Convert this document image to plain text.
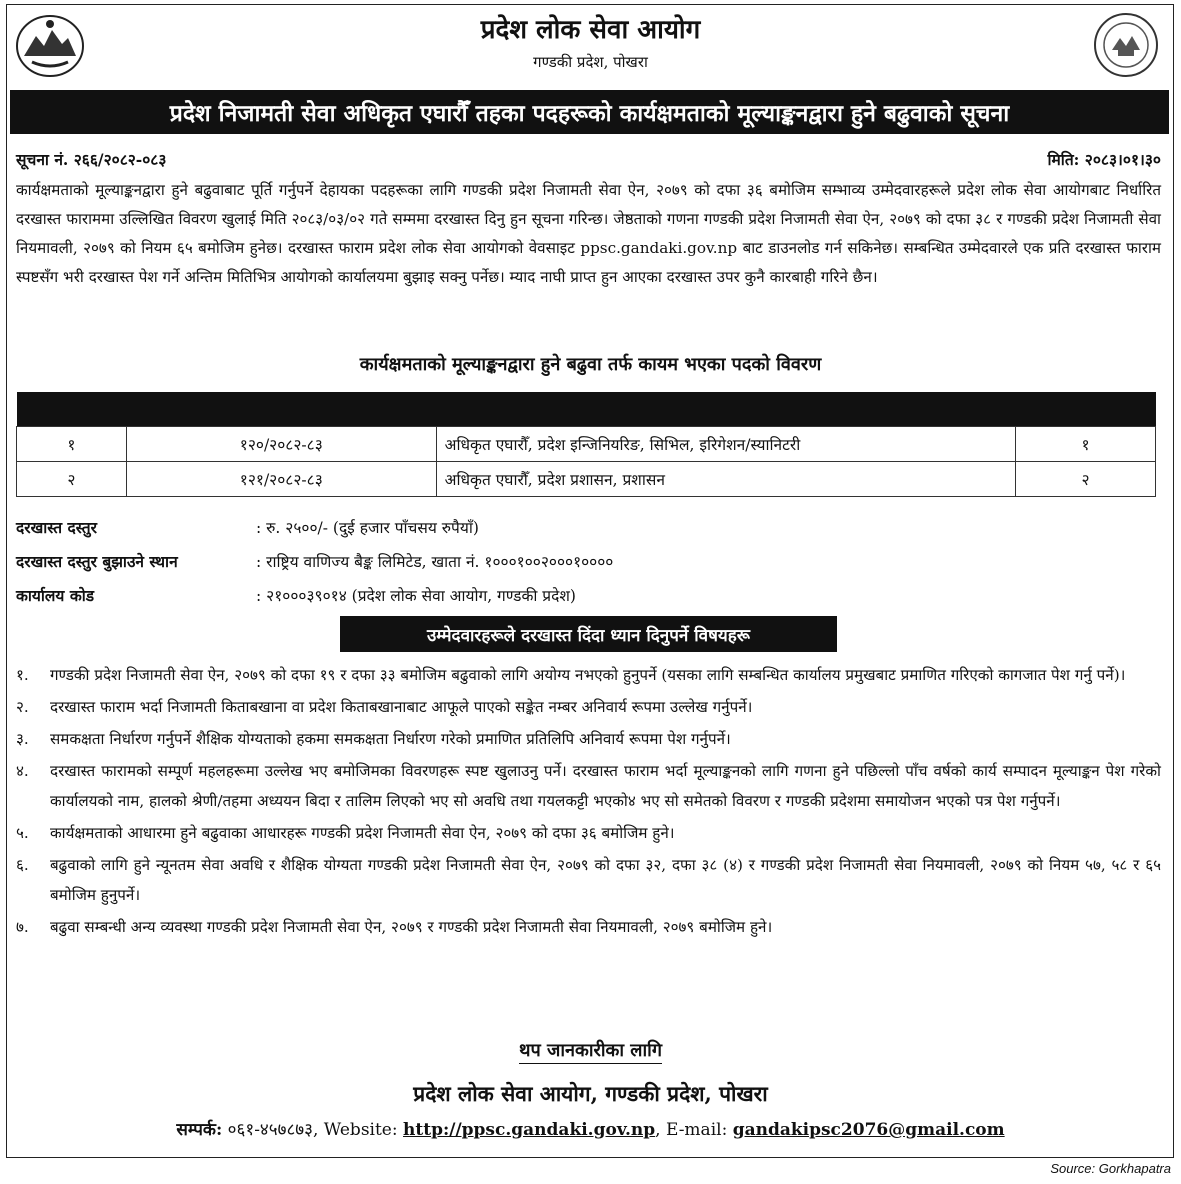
प्रदेश लोक सेवा आयोग
गण्डकी प्रदेश, पोखरा
प्रदेश निजामती सेवा अधिकृत एघारौँ तहका पदहरूको कार्यक्षमताको मूल्याङ्कनद्वारा हुने बढुवाको सूचना
सूचना नं. २६६/२०८२-०८३	मिति: २०८३।०१।३०
कार्यक्षमताको मूल्याङ्कनद्वारा हुने बढुवाबाट पूर्ति गर्नुपर्ने देहायका पदहरूका लागि गण्डकी प्रदेश निजामती सेवा ऐन, २०७९ को दफा ३६ बमोजिम सम्भाव्य उम्मेदवारहरूले प्रदेश लोक सेवा आयोगबाट निर्धारित दरखास्त फाराममा उल्लिखित विवरण खुलाई मिति २०८३/०३/०२ गते सम्ममा दरखास्त दिनु हुन सूचना गरिन्छ। जेष्ठताको गणना गण्डकी प्रदेश निजामती सेवा ऐन, २०७९ को दफा ३८ र गण्डकी प्रदेश निजामती सेवा नियमावली, २०७९ को नियम ६५ बमोजिम हुनेछ। दरखास्त फाराम प्रदेश लोक सेवा आयोगको वेवसाइट ppsc.gandaki.gov.np बाट डाउनलोड गर्न सकिनेछ। सम्बन्धित उम्मेदवारले एक प्रति दरखास्त फाराम स्पष्टसँग भरी दरखास्त पेश गर्ने अन्तिम मितिभित्र आयोगको कार्यालयमा बुझाइ सक्नु पर्नेछ। म्याद नाघी प्राप्त हुन आएका दरखास्त उपर कुनै कारबाही गरिने छैन।
कार्यक्षमताको मूल्याङ्कनद्वारा हुने बढुवा तर्फ कायम भएका पदको विवरण

१	१२०/२०८२-८३	अधिकृत एघारौँ, प्रदेश इन्जिनियरिङ, सिभिल, इरिगेशन/स्यानिटरी	१
२	१२१/२०८२-८३	अधिकृत एघारौँ, प्रदेश प्रशासन, प्रशासन	२
दरखास्त दस्तुर	: रु. २५००/- (दुई हजार पाँचसय रुपैयाँ)
दरखास्त दस्तुर बुझाउने स्थान	: राष्ट्रिय वाणिज्य बैङ्क लिमिटेड, खाता नं. १०००१००२०००१००००
कार्यालय कोड	: २१०००३९०१४ (प्रदेश लोक सेवा आयोग, गण्डकी प्रदेश)
उम्मेदवारहरूले दरखास्त दिंदा ध्यान दिनुपर्ने विषयहरू
१.	गण्डकी प्रदेश निजामती सेवा ऐन, २०७९ को दफा १९ र दफा ३३ बमोजिम बढुवाको लागि अयोग्य नभएको हुनुपर्ने (यसका लागि सम्बन्धित कार्यालय प्रमुखबाट प्रमाणित गरिएको कागजात पेश गर्नु पर्ने)।
२.	दरखास्त फाराम भर्दा निजामती किताबखाना वा प्रदेश किताबखानाबाट आफूले पाएको सङ्केत नम्बर अनिवार्य रूपमा उल्लेख गर्नुपर्ने।
३.	समकक्षता निर्धारण गर्नुपर्ने शैक्षिक योग्यताको हकमा समकक्षता निर्धारण गरेको प्रमाणित प्रतिलिपि अनिवार्य रूपमा पेश गर्नुपर्ने।
४.	दरखास्त फारामको सम्पूर्ण महलहरूमा उल्लेख भए बमोजिमका विवरणहरू स्पष्ट खुलाउनु पर्ने। दरखास्त फाराम भर्दा मूल्याङ्कनको लागि गणना हुने पछिल्लो पाँच वर्षको कार्य सम्पादन मूल्याङ्कन पेश गरेको कार्यालयको नाम, हालको श्रेणी/तहमा अध्ययन बिदा र तालिम लिएको भए सो अवधि तथा गयलकट्टी भएको४ भए सो समेतको विवरण र गण्डकी प्रदेशमा समायोजन भएको पत्र पेश गर्नुपर्ने।
५.	कार्यक्षमताको आधारमा हुने बढुवाका आधारहरू गण्डकी प्रदेश निजामती सेवा ऐन, २०७९ को दफा ३६ बमोजिम हुने।
६.	बढुवाको लागि हुने न्यूनतम सेवा अवधि र शैक्षिक योग्यता गण्डकी प्रदेश निजामती सेवा ऐन, २०७९ को दफा ३२, दफा ३८ (४) र गण्डकी प्रदेश निजामती सेवा नियमावली, २०७९ को नियम ५७, ५८ र ६५ बमोजिम हुनुपर्ने।
७.	बढुवा सम्बन्धी अन्य व्यवस्था गण्डकी प्रदेश निजामती सेवा ऐन, २०७९ र गण्डकी प्रदेश निजामती सेवा नियमावली, २०७९ बमोजिम हुने।
थप जानकारीका लागि
प्रदेश लोक सेवा आयोग, गण्डकी प्रदेश, पोखरा
सम्पर्क: ०६१-४५७८७३, Website: http://ppsc.gandaki.gov.np, E-mail: gandakipsc2076@gmail.com
Source: Gorkhapatra
